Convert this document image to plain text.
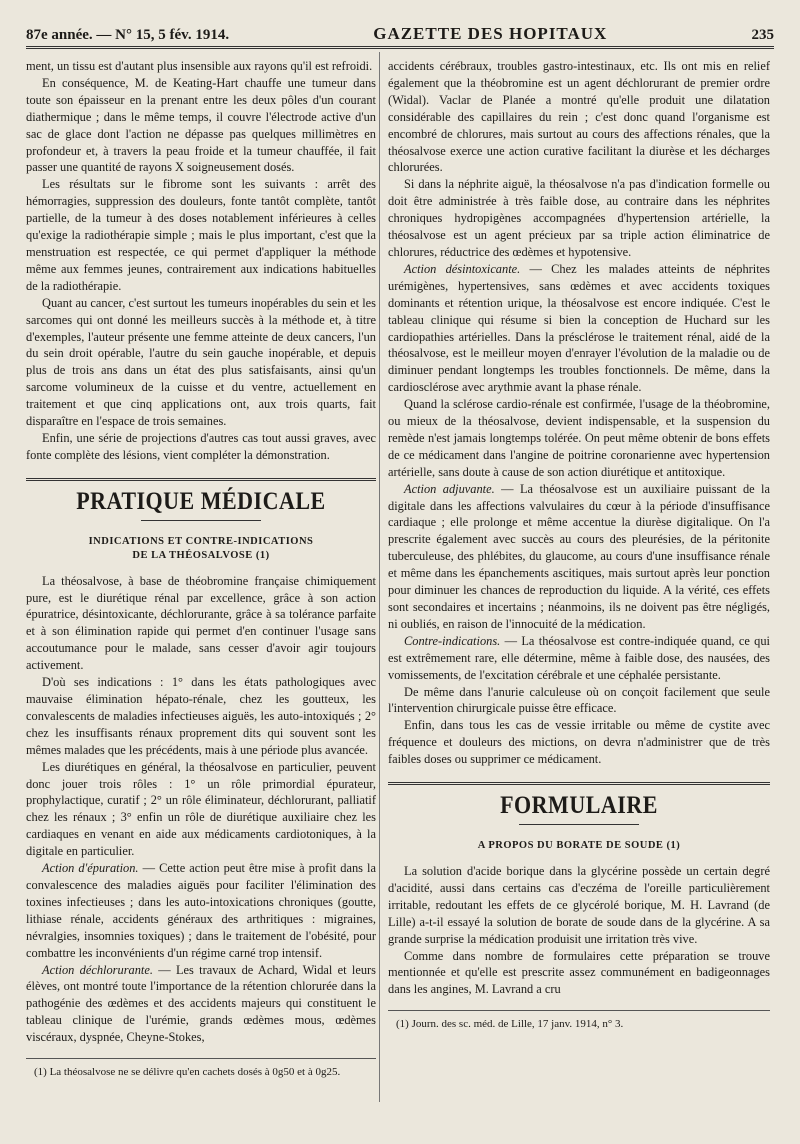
87e année. — N° 15, 5 fév. 1914.	GAZETTE DES HOPITAUX	235

ment, un tissu est d'autant plus insensible aux rayons qu'il est refroidi.

En conséquence, M. de Keating-Hart chauffe une tumeur dans toute son épaisseur en la prenant entre les deux pôles d'un courant diathermique ; dans le même temps, il couvre l'électrode active d'un sac de glace dont l'action ne dépasse pas quelques millimètres en profondeur et, à travers la peau froide et la tumeur chauffée, il fait passer une quantité de rayons X soigneusement dosés.

Les résultats sur le fibrome sont les suivants : arrêt des hémorragies, suppression des douleurs, fonte tantôt complète, tantôt partielle, de la tumeur à des doses notablement inférieures à celles qu'exige la radiothérapie simple ; mais le plus important, c'est que la menstruation est respectée, ce qui permet d'appliquer la méthode même aux femmes jeunes, contrairement aux indications habituelles de la radiothérapie.

Quant au cancer, c'est surtout les tumeurs inopérables du sein et les sarcomes qui ont donné les meilleurs succès à la méthode et, à titre d'exemples, l'auteur présente une femme atteinte de deux cancers, l'un du sein droit opérable, l'autre du sein gauche inopérable, et depuis plus de trois ans dans un état des plus satisfaisants, ainsi qu'un sarcome volumineux de la cuisse et du ventre, actuellement en traitement et que cinq applications ont, aux trois quarts, fait disparaître en l'espace de trois semaines.

Enfin, une série de projections d'autres cas tout aussi graves, avec fonte complète des lésions, vient compléter la démonstration.

PRATIQUE MÉDICALE
INDICATIONS ET CONTRE-INDICATIONS
DE LA THÉOSALVOSE (1)

La théosalvose, à base de théobromine française chimiquement pure, est le diurétique rénal par excellence, grâce à son action épuratrice, désintoxicante, déchlorurante, grâce à sa tolérance parfaite et à son élimination rapide qui permet d'en continuer l'usage sans accoutumance pour le malade, sans cesser d'avoir agir toujours activement.

D'où ses indications : 1° dans les états pathologiques avec mauvaise élimination hépato-rénale, chez les goutteux, les convalescents de maladies infectieuses aiguës, les auto-intoxiqués ; 2° chez les insuffisants rénaux proprement dits qui souvent sont les mêmes malades que les précédents, mais à une période plus avancée.

Les diurétiques en général, la théosalvose en particulier, peuvent donc jouer trois rôles : 1° un rôle primordial épurateur, prophylactique, curatif ; 2° un rôle éliminateur, déchlorurant, palliatif chez les rénaux ; 3° enfin un rôle de diurétique auxiliaire chez les cardiaques en venant en aide aux médicaments cardiotoniques, à la digitale en particulier.

Action d'épuration. — Cette action peut être mise à profit dans la convalescence des maladies aiguës pour faciliter l'élimination des toxines infectieuses ; dans les auto-intoxications chroniques (goutte, lithiase rénale, accidents généraux des arthritiques : migraines, névralgies, insomnies toxiques) ; dans le traitement de l'obésité, pour combattre les inconvénients d'un régime carné trop intensif.

Action déchlorurante. — Les travaux de Achard, Widal et leurs élèves, ont montré toute l'importance de la rétention chlorurée dans la pathogénie des œdèmes et des accidents majeurs qui constituent le tableau clinique de l'urémie, grands œdèmes mous, œdèmes viscéraux, dyspnée, Cheyne-Stokes,

(1) La théosalvose ne se délivre qu'en cachets dosés à 0g50 et à 0g25.

accidents cérébraux, troubles gastro-intestinaux, etc. Ils ont mis en relief également que la théobromine est un agent déchlorurant de premier ordre (Widal). Vaclar de Planée a montré qu'elle produit une dilatation considérable des capillaires du rein ; c'est donc quand l'organisme est encombré de chlorures, mais surtout au cours des affections rénales, que la théosalvose exerce une action curative facilitant la diurèse et les décharges chlorurées.

Si dans la néphrite aiguë, la théosalvose n'a pas d'indication formelle ou doit être administrée à très faible dose, au contraire dans les néphrites chroniques hydropigènes accompagnées d'hypertension artérielle, la théosalvose est un agent précieux par sa triple action éliminatrice de chlorures, réductrice des œdèmes et hypotensive.

Action désintoxicante. — Chez les malades atteints de néphrites urémigènes, hypertensives, sans œdèmes et avec accidents toxiques dominants et rétention urique, la théosalvose est encore indiquée. C'est le tableau clinique qui résume si bien la conception de Huchard sur les cardiopathies artérielles. Dans la présclérose le traitement rénal, aidé de la théosalvose, est le meilleur moyen d'enrayer l'évolution de la maladie ou de diminuer pendant longtemps les troubles fonctionnels. De même, dans la cardiosclérose avec arythmie avant la phase rénale.

Quand la sclérose cardio-rénale est confirmée, l'usage de la théobromine, ou mieux de la théosalvose, devient indispensable, et la suspension du remède n'est jamais longtemps tolérée. On peut même obtenir de bons effets de ce médicament dans l'angine de poitrine coronarienne avec hypertension artérielle, sans doute à cause de son action diurétique et antitoxique.

Action adjuvante. — La théosalvose est un auxiliaire puissant de la digitale dans les affections valvulaires du cœur à la période d'insuffisance cardiaque ; elle prolonge et même accentue la diurèse digitalique. On l'a prescrite également avec succès au cours des pleurésies, de la péritonite tuberculeuse, des phlébites, du glaucome, au cours d'une insuffisance rénale et même dans les épanchements ascitiques, mais surtout après leur ponction pour diminuer les chances de reproduction du liquide. A la vérité, ces effets sont secondaires et incertains ; néanmoins, ils ne doivent pas être négligés, ni oubliés, en raison de l'innocuité de la médication.

Contre-indications. — La théosalvose est contre-indiquée quand, ce qui est extrêmement rare, elle détermine, même à faible dose, des nausées, des vomissements, de l'excitation cérébrale et une céphalée persistante.

De même dans l'anurie calculeuse où on conçoit facilement que seule l'intervention chirurgicale puisse être efficace.

Enfin, dans tous les cas de vessie irritable ou même de cystite avec fréquence et douleurs des mictions, on devra n'administrer que de très faibles doses ou supprimer ce médicament.

FORMULAIRE
A PROPOS DU BORATE DE SOUDE (1)

La solution d'acide borique dans la glycérine possède un certain degré d'acidité, aussi dans certains cas d'eczéma de l'oreille particulièrement irritable, redoutant les effets de ce glycérolé borique, M. H. Lavrand (de Lille) a-t-il essayé la solution de borate de soude dans de la glycérine. A sa grande surprise la médication produisit une irritation très vive.

Comme dans nombre de formulaires cette préparation se trouve mentionnée et qu'elle est prescrite assez communément en badigeonnages dans les angines, M. Lavrand a cru

(1) Journ. des sc. méd. de Lille, 17 janv. 1914, n° 3.
